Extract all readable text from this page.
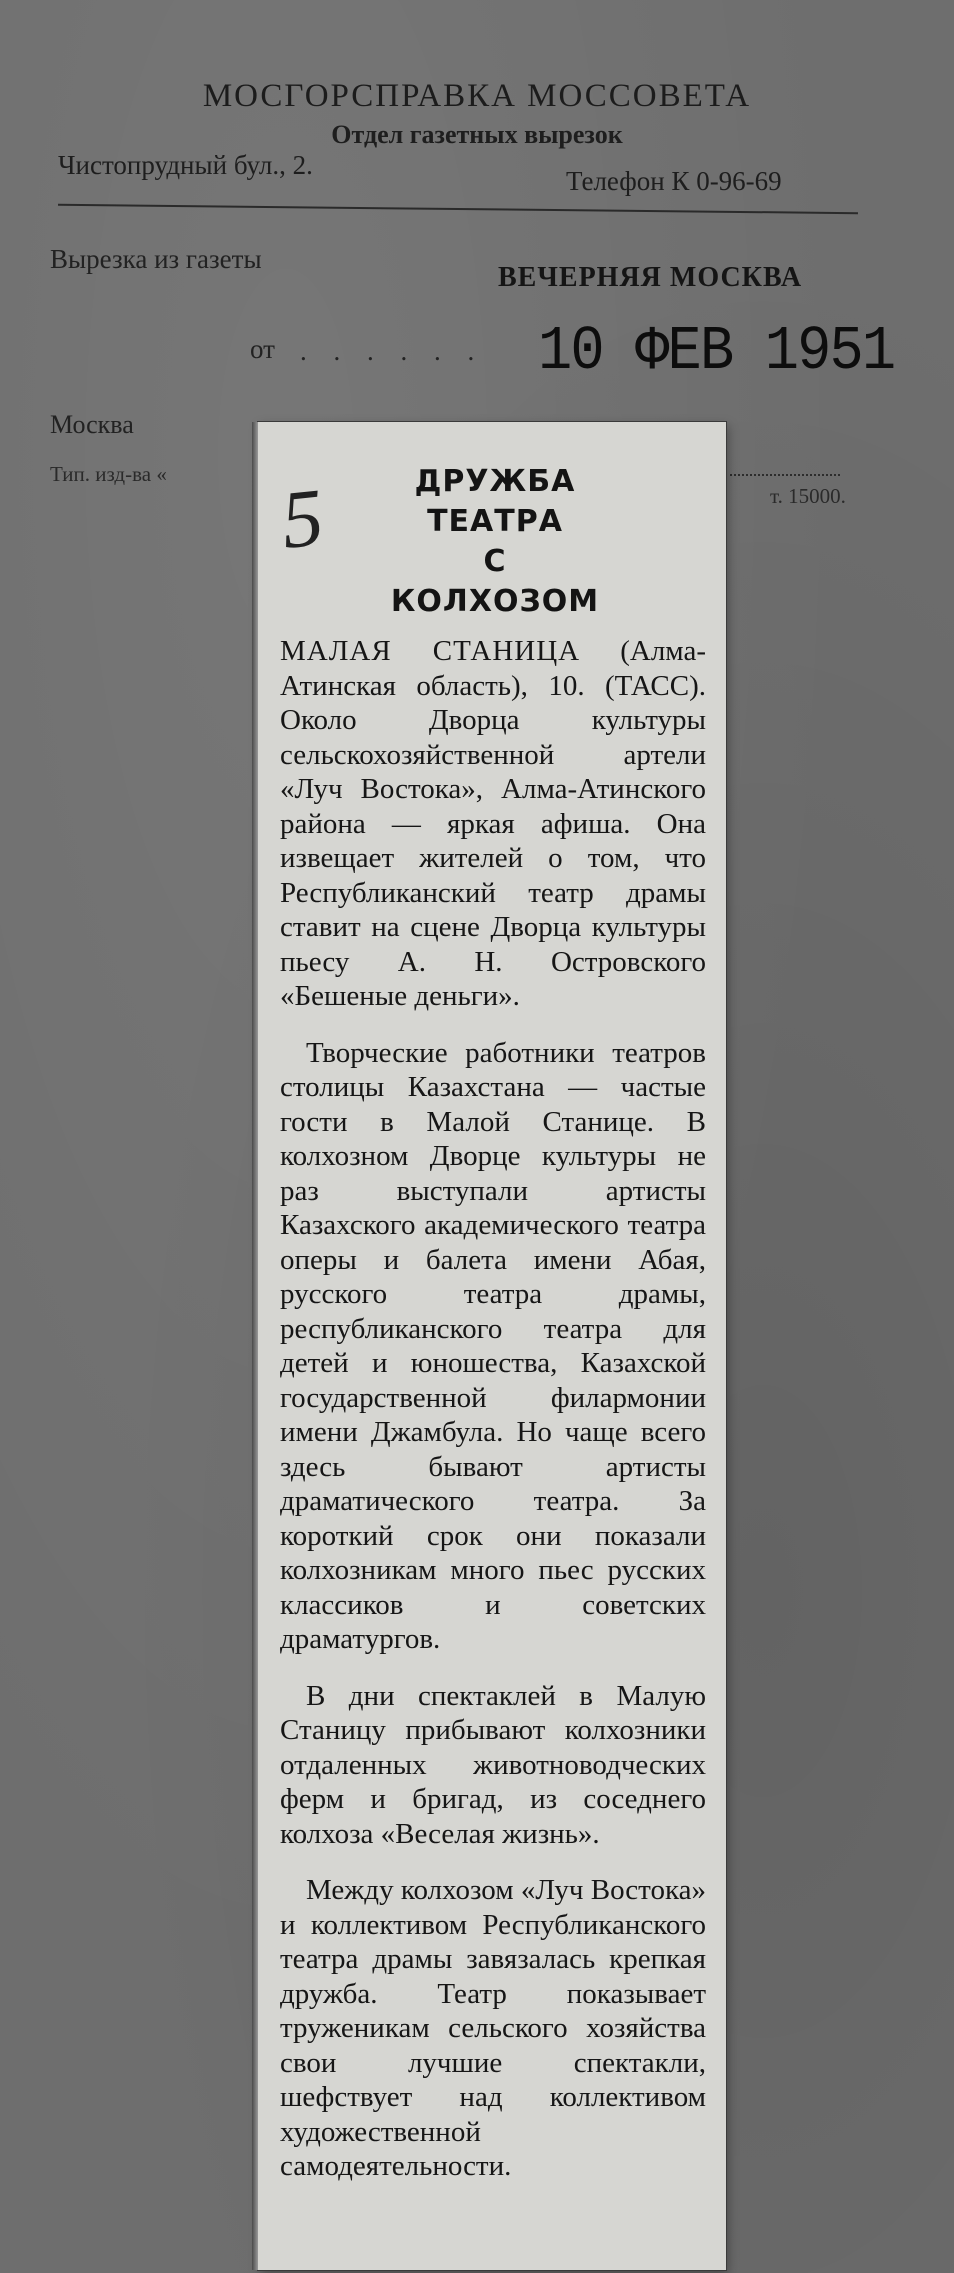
МОСГОРСПРАВКА МОССОВЕТА
Отдел газетных вырезок
Чистопрудный бул., 2.
Телефон К 0-96-69
Вырезка из газеты
ВЕЧЕРНЯЯ МОСКВА
от . . . . . . 10 ФЕВ 1951
Москва
Тип. изд-ва «
т. 15000.
5	ДРУЖБА
ТЕАТРА
С КОЛХОЗОМ

МАЛАЯ СТАНИЦА (Алма-Атинская область), 10. (ТАСС). Около Дворца культуры сельскохозяйственной артели «Луч Востока», Алма-Атинского района — яркая афиша. Она извещает жителей о том, что Республиканский театр драмы ставит на сцене Дворца культуры пьесу А. Н. Островского «Бешеные деньги».

Творческие работники театров столицы Казахстана — частые гости в Малой Станице. В колхозном Дворце культуры не раз выступали артисты Казахского академического театра оперы и балета имени Абая, русского театра драмы, республиканского театра для детей и юношества, Казахской государственной филармонии имени Джамбула. Но чаще всего здесь бывают артисты драматического театра. За короткий срок они показали колхозникам много пьес русских классиков и советских драматургов.

В дни спектаклей в Малую Станицу прибывают колхозники отдаленных животноводческих ферм и бригад, из соседнего колхоза «Веселая жизнь».

Между колхозом «Луч Востока» и коллективом Республиканского театра драмы завязалась крепкая дружба. Театр показывает труженикам сельского хозяйства свои лучшие спектакли, шефствует над коллективом художественной самодеятельности.
